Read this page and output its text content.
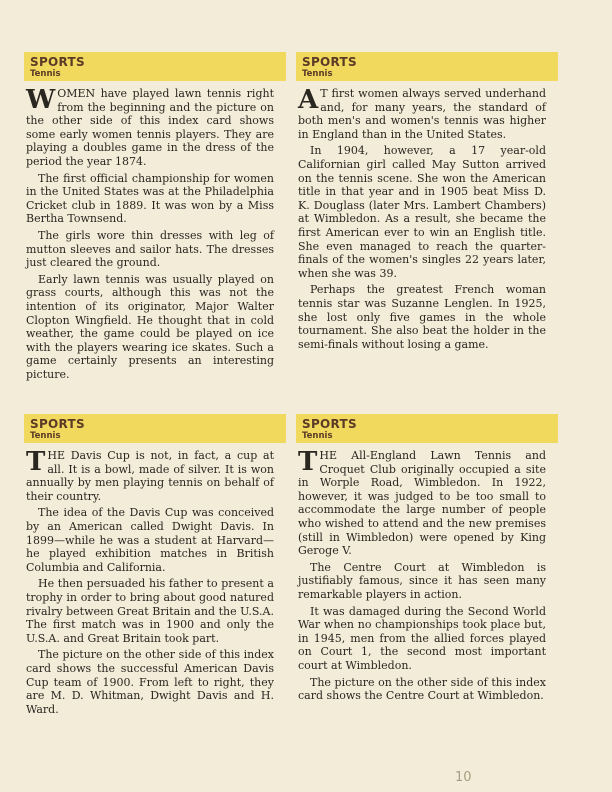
SPORTS
Tennis

WOMEN have played lawn tennis right from the beginning and the picture on the other side of this index card shows some early women tennis players. They are playing a doubles game in the dress of the period the year 1874.

The first official championship for women in the United States was at the Philadelphia Cricket club in 1889. It was won by a Miss Bertha Townsend.

The girls wore thin dresses with leg of mutton sleeves and sailor hats. The dresses just cleared the ground.

Early lawn tennis was usually played on grass courts, although this was not the intention of its originator, Major Walter Clopton Wingfield. He thought that in cold weather, the game could be played on ice with the players wearing ice skates. Such a game certainly presents an interesting picture.

SPORTS
Tennis

A T first women always served underhand and, for many years, the standard of both men's and women's tennis was higher in England than in the United States.

In 1904, however, a 17 year-old Californian girl called May Sutton arrived on the tennis scene. She won the American title in that year and in 1905 beat Miss D. K. Douglass (later Mrs. Lambert Chambers) at Wimbledon. As a result, she became the first American ever to win an English title. She even managed to reach the quarter-finals of the women's singles 22 years later, when she was 39.

Perhaps the greatest French woman tennis star was Suzanne Lenglen. In 1925, she lost only five games in the whole tournament. She also beat the holder in the semi-finals without losing a game.

SPORTS
Tennis

THE Davis Cup is not, in fact, a cup at all. It is a bowl, made of silver. It is won annually by men playing tennis on behalf of their country.

The idea of the Davis Cup was conceived by an American called Dwight Davis. In 1899—while he was a student at Harvard—he played exhibition matches in British Columbia and California.

He then persuaded his father to present a trophy in order to bring about good natured rivalry between Great Britain and the U.S.A. The first match was in 1900 and only the U.S.A. and Great Britain took part.

The picture on the other side of this index card shows the successful American Davis Cup team of 1900. From left to right, they are M. D. Whitman, Dwight Davis and H. Ward.

SPORTS
Tennis

THE All-England Lawn Tennis and Croquet Club originally occupied a site in Worple Road, Wimbledon. In 1922, however, it was judged to be too small to accommodate the large number of people who wished to attend and the new premises (still in Wimbledon) were opened by King Geroge V.

The Centre Court at Wimbledon is justifiably famous, since it has seen many remarkable players in action.

It was damaged during the Second World War when no championships took place but, in 1945, men from the allied forces played on Court 1, the second most important court at Wimbledon.

The picture on the other side of this index card shows the Centre Court at Wimbledon.

10
